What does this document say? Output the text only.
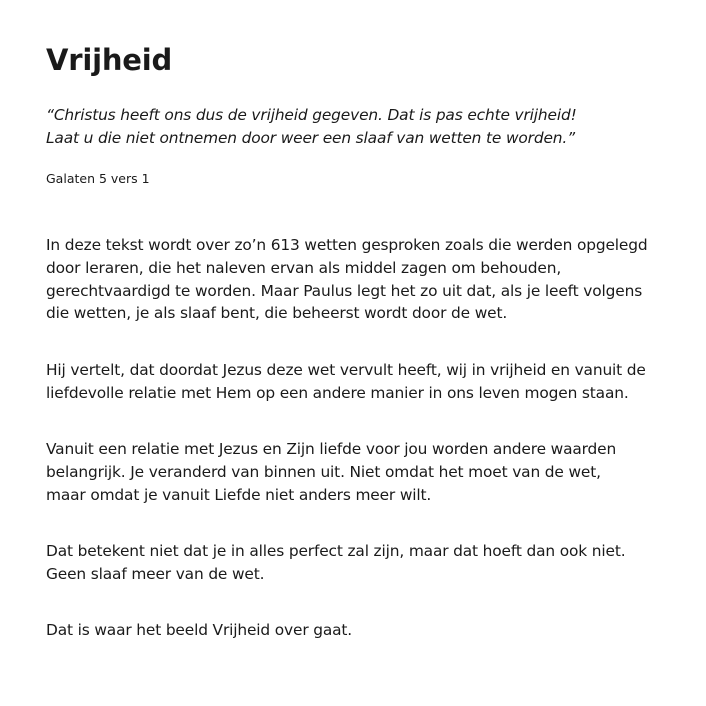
Vrijheid

“Christus heeft ons dus de vrijheid gegeven. Dat is pas echte vrijheid!
Laat u die niet ontnemen door weer een slaaf van wetten te worden.”

Galaten 5 vers 1

In deze tekst wordt over zo’n 613 wetten gesproken zoals die werden opgelegd
door leraren, die het naleven ervan als middel zagen om behouden,
gerechtvaardigd te worden. Maar Paulus legt het zo uit dat, als je leeft volgens
die wetten, je als slaaf bent, die beheerst wordt door de wet.

Hij vertelt, dat doordat Jezus deze wet vervult heeft, wij in vrijheid en vanuit de
liefdevolle relatie met Hem op een andere manier in ons leven mogen staan.

Vanuit een relatie met Jezus en Zijn liefde voor jou worden andere waarden
belangrijk. Je veranderd van binnen uit. Niet omdat het moet van de wet,
maar omdat je vanuit Liefde niet anders meer wilt.

Dat betekent niet dat je in alles perfect zal zijn, maar dat hoeft dan ook niet.
Geen slaaf meer van de wet.

Dat is waar het beeld Vrijheid over gaat.
